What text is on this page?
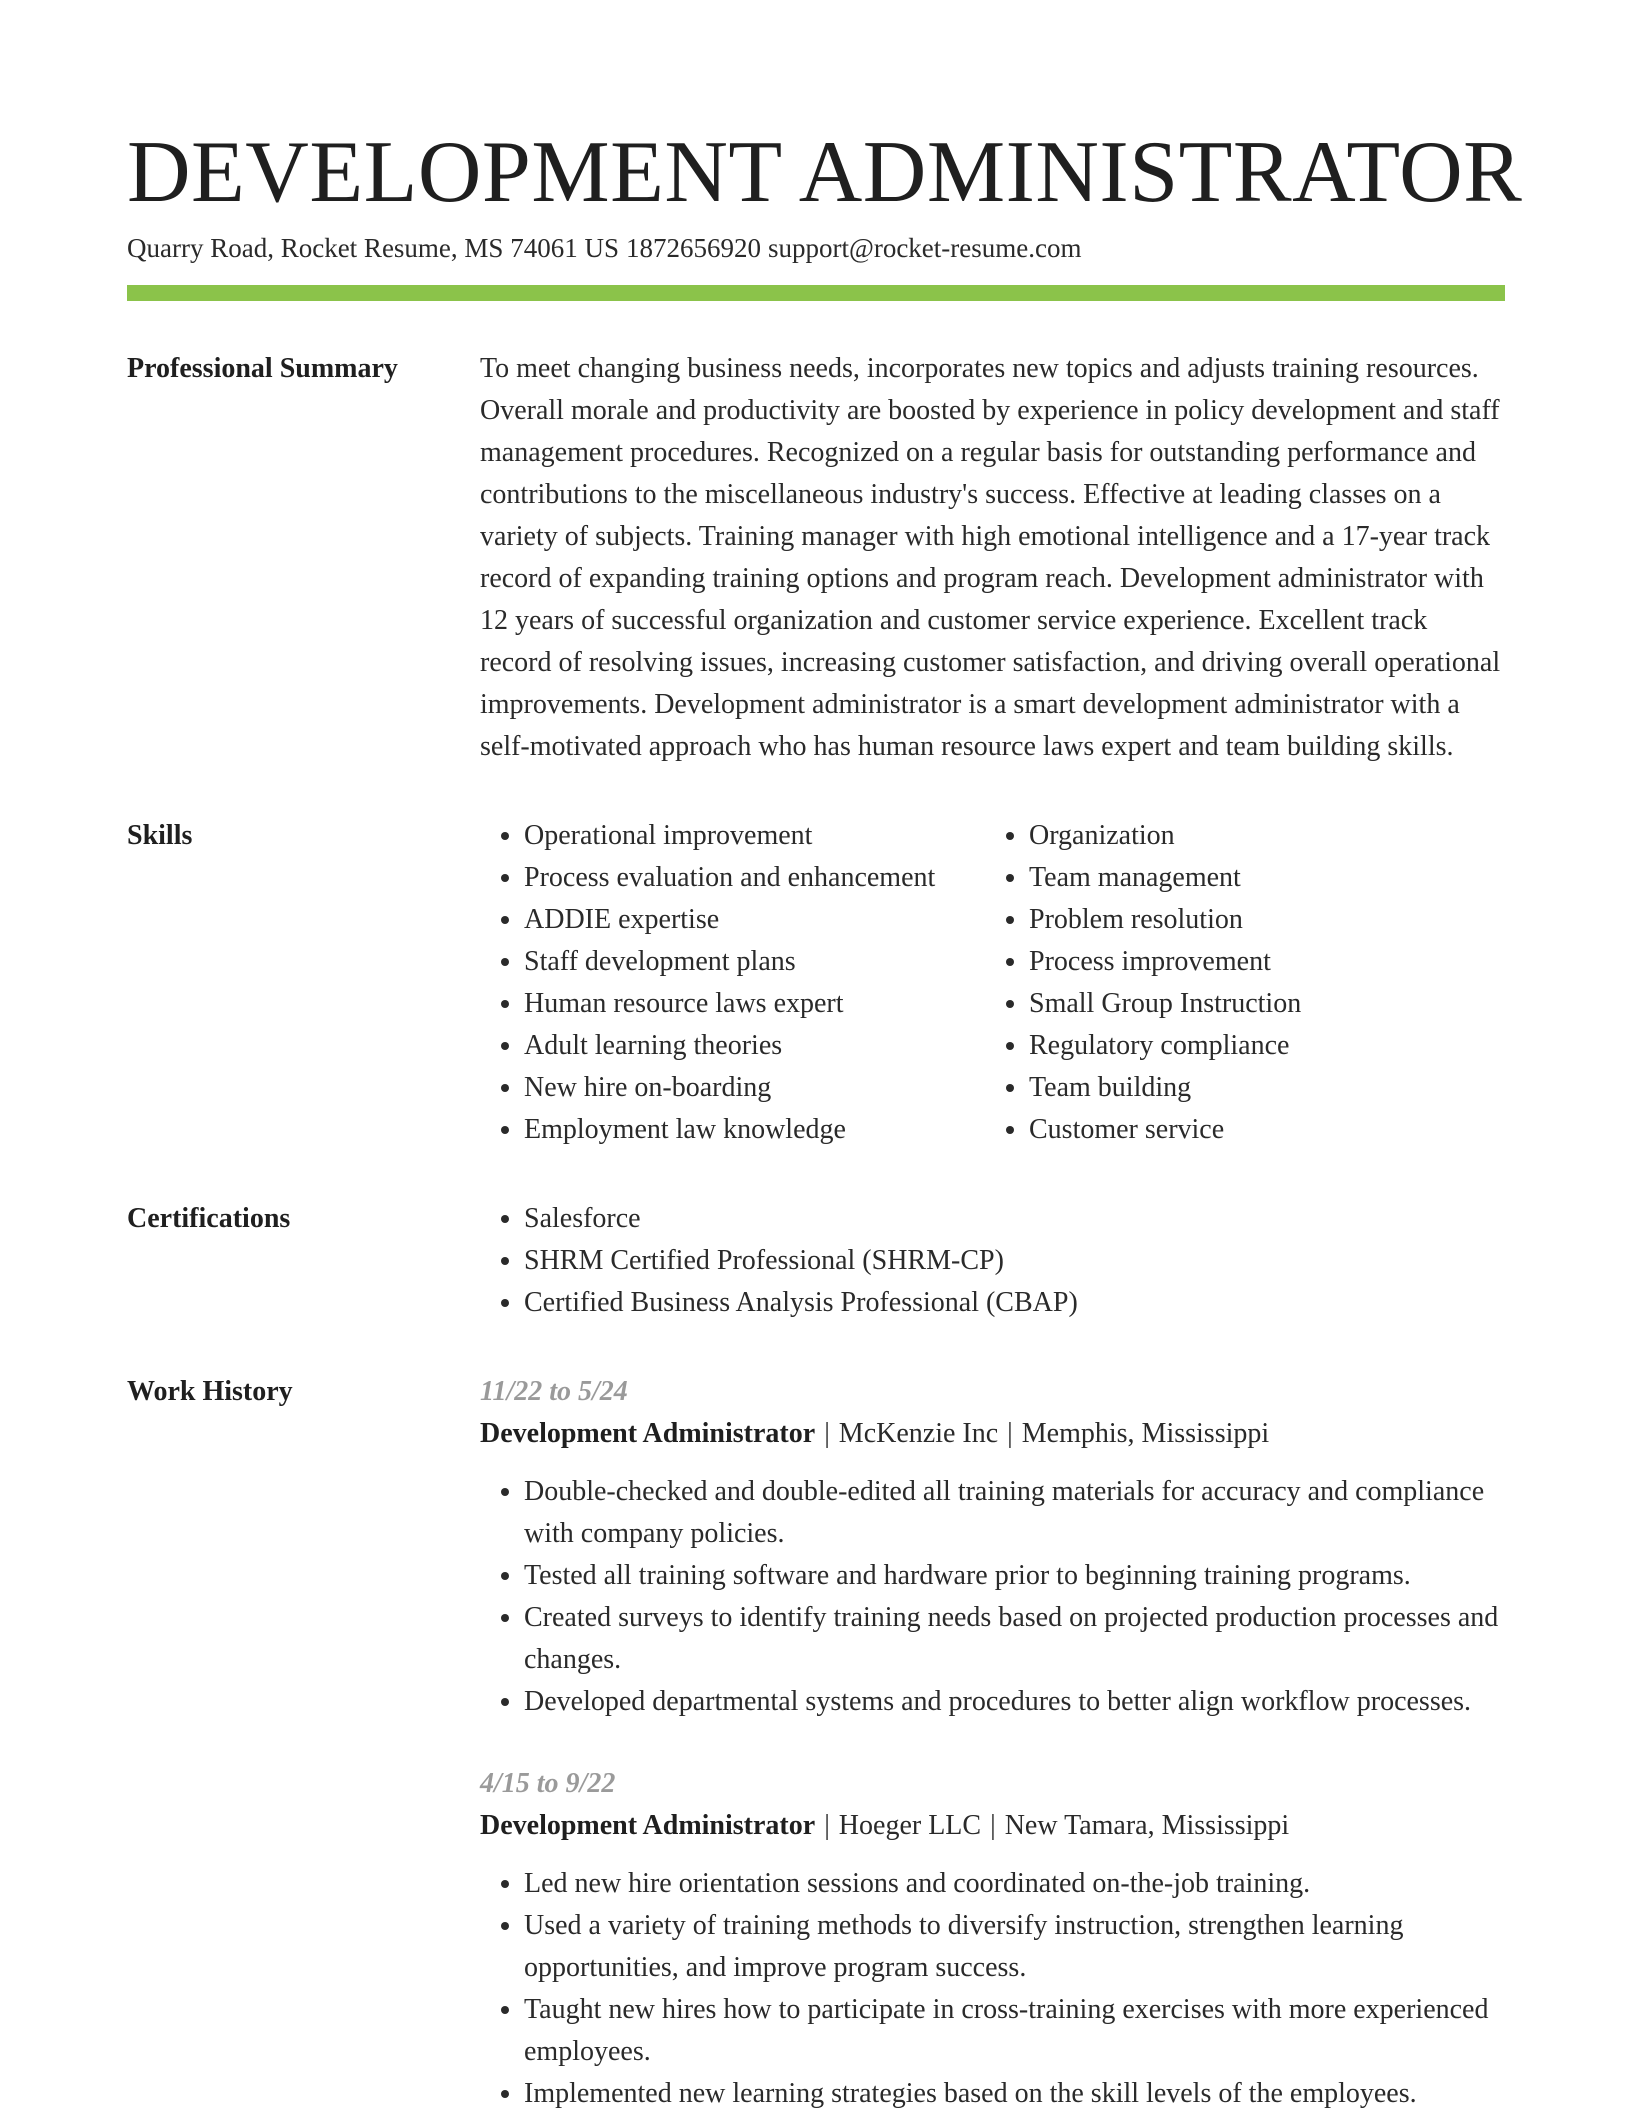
DEVELOPMENT ADMINISTRATOR
Quarry Road, Rocket Resume, MS 74061 US 1872656920 support@rocket-resume.com
Professional Summary	To meet changing business needs, incorporates new topics and adjusts training resources. Overall morale and productivity are boosted by experience in policy development and staff management procedures. Recognized on a regular basis for outstanding performance and contributions to the miscellaneous industry's success. Effective at leading classes on a variety of subjects. Training manager with high emotional intelligence and a 17-year track record of expanding training options and program reach. Development administrator with 12 years of successful organization and customer service experience. Excellent track record of resolving issues, increasing customer satisfaction, and driving overall operational improvements. Development administrator is a smart development administrator with a self-motivated approach who has human resource laws expert and team building skills.

Skills	• Operational improvement
• Process evaluation and enhancement
• ADDIE expertise
• Staff development plans
• Human resource laws expert
• Adult learning theories
• New hire on-boarding
• Employment law knowledge
• Organization
• Team management
• Problem resolution
• Process improvement
• Small Group Instruction
• Regulatory compliance
• Team building
• Customer service
Certifications	• Salesforce
• SHRM Certified Professional (SHRM-CP)
• Certified Business Analysis Professional (CBAP)
Work History	11/22 to 5/24
Development Administrator | McKenzie Inc | Memphis, Mississippi
• Double-checked and double-edited all training materials for accuracy and compliance with company policies.
• Tested all training software and hardware prior to beginning training programs.
• Created surveys to identify training needs based on projected production processes and changes.
• Developed departmental systems and procedures to better align workflow processes.
4/15 to 9/22
Development Administrator | Hoeger LLC | New Tamara, Mississippi
• Led new hire orientation sessions and coordinated on-the-job training.
• Used a variety of training methods to diversify instruction, strengthen learning opportunities, and improve program success.
• Taught new hires how to participate in cross-training exercises with more experienced employees.
• Implemented new learning strategies based on the skill levels of the employees.
